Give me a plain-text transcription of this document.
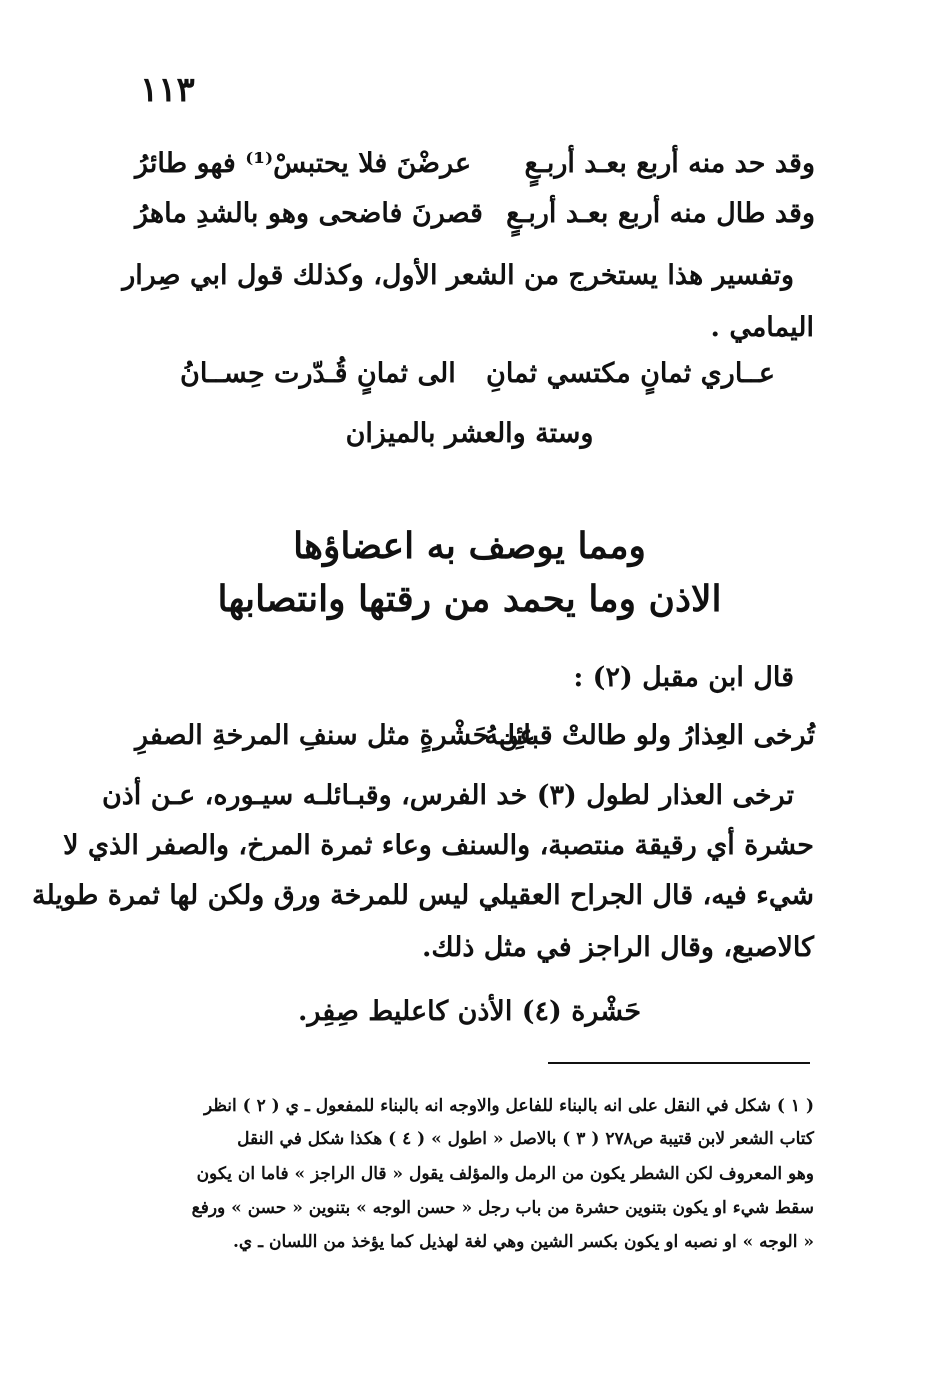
١١٣
وقد حد منه أربع بعـد أربـعٍ
عرضْنَ فلا يحتبسْ⁽¹⁾ فهو طائرُ
وقد طال منه أربع بعـد أربـعٍ
قصرنَ فاضحى وهو بالشدِ ماهرُ
وتفسير هذا يستخرج من الشعر الأول، وكذلك قول ابي صِرار
اليمامي .
عــاري ثمانٍ مكتسي ثمانِ
الى ثمانٍ قُـدّرت حِســانُ
وستة والعشر بالميزان
ومما يوصف به اعضاؤها
الاذن وما يحمد من رقتها وانتصابها
قال ابن مقبل (٢) :
تُرخى العِذارُ ولو طالتْ قبائِلـهُ
عن حَشْرةٍ مثل سنفِ المرخةِ الصفرِ
ترخى العذار لطول (٣) خد الفرس، وقبـائلـه سيـوره، عـن أذن
حشرة أي رقيقة منتصبة، والسنف وعاء ثمرة المرخ، والصفر الذي لا
شيء فيه، قال الجراح العقيلي ليس للمرخة ورق ولكن لها ثمرة طويلة
كالاصبع، وقال الراجز في مثل ذلك.
حَشْرة (٤) الأذن كاعليط صِفِر.
( ١ ) شكل في النقل على انه بالبناء للفاعل والاوجه انه بالبناء للمفعول ـ ي ( ٢ ) انظر
كتاب الشعر لابن قتيبة ص٢٧٨ ( ٣ ) بالاصل « اطول » ( ٤ ) هكذا شكل في النقل
وهو المعروف لكن الشطر يكون من الرمل والمؤلف يقول « قال الراجز » فاما ان يكون
سقط شيء او يكون بتنوين حشرة من باب رجل « حسن الوجه » بتنوين « حسن » ورفع
« الوجه » او نصبه او يكون بكسر الشين وهي لغة لهذيل كما يؤخذ من اللسان ـ ي.
